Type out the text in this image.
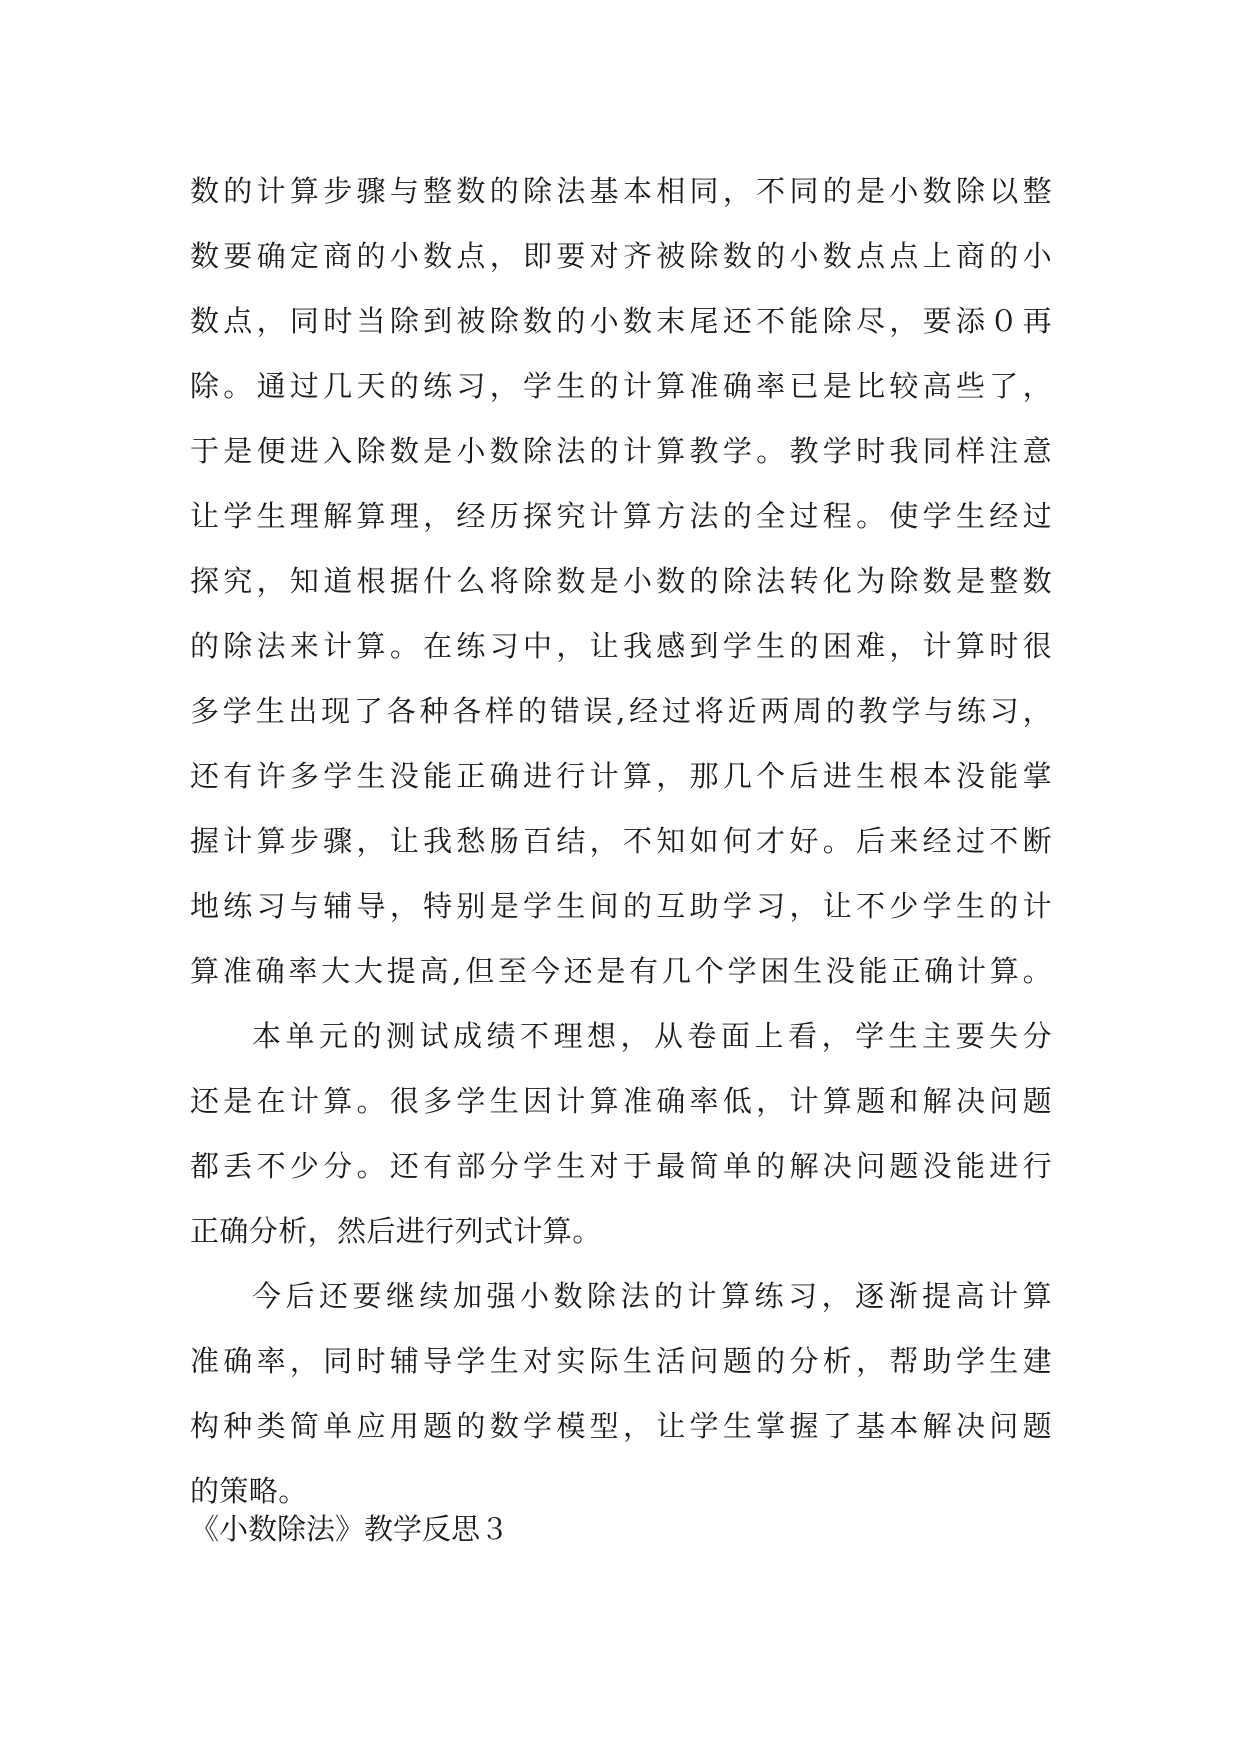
数的计算步骤与整数的除法基本相同，不同的是小数除以整
数要确定商的小数点，即要对齐被除数的小数点点上商的小
数点，同时当除到被除数的小数末尾还不能除尽，要添０再
除。通过几天的练习，学生的计算准确率已是比较高些了，
于是便进入除数是小数除法的计算教学。教学时我同样注意
让学生理解算理，经历探究计算方法的全过程。使学生经过
探究，知道根据什么将除数是小数的除法转化为除数是整数
的除法来计算。在练习中，让我感到学生的困难，计算时很
多学生出现了各种各样的错误,经过将近两周的教学与练习，
还有许多学生没能正确进行计算，那几个后进生根本没能掌
握计算步骤，让我愁肠百结，不知如何才好。后来经过不断
地练习与辅导，特别是学生间的互助学习，让不少学生的计
算准确率大大提高,但至今还是有几个学困生没能正确计算。
本单元的测试成绩不理想，从卷面上看，学生主要失分
还是在计算。很多学生因计算准确率低，计算题和解决问题
都丢不少分。还有部分学生对于最简单的解决问题没能进行
正确分析，然后进行列式计算。
今后还要继续加强小数除法的计算练习，逐渐提高计算
准确率，同时辅导学生对实际生活问题的分析，帮助学生建
构种类简单应用题的数学模型，让学生掌握了基本解决问题
的策略。
《小数除法》教学反思３
